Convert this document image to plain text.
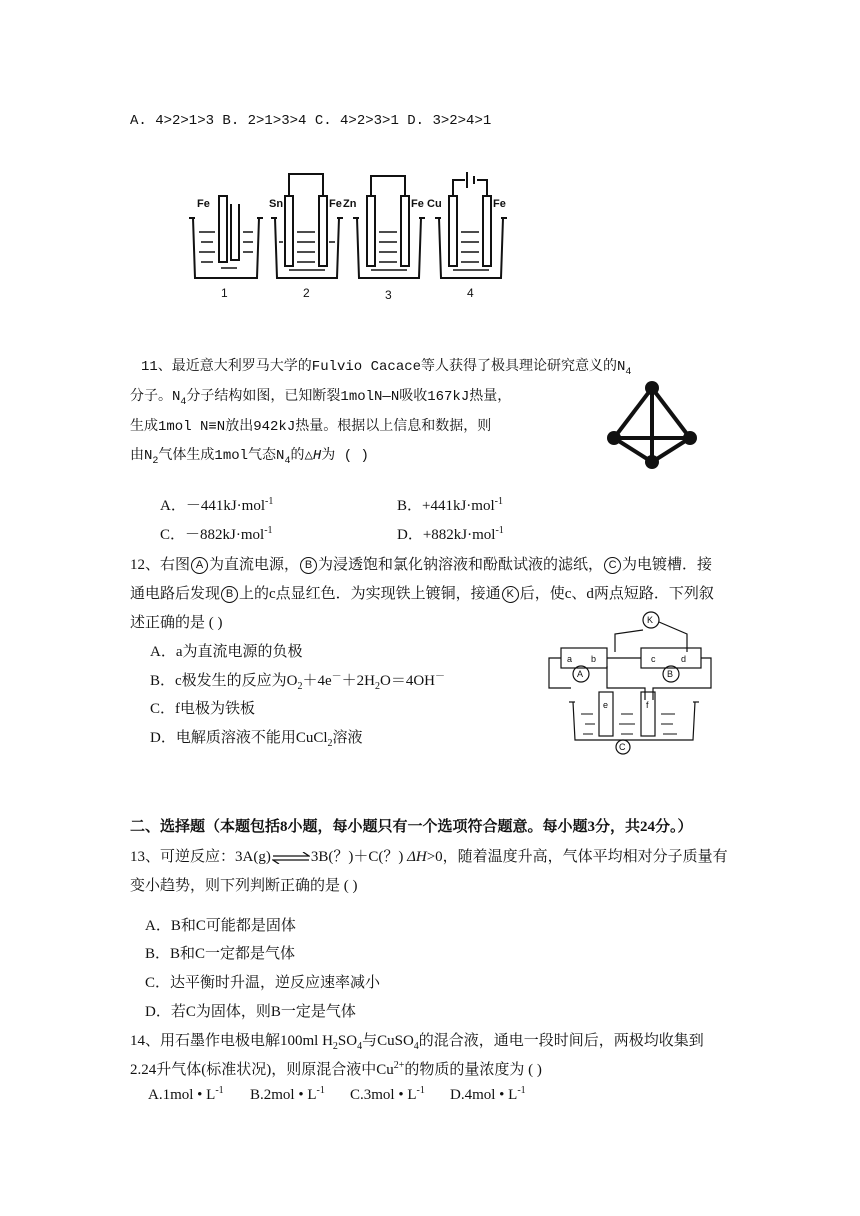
A. 4>2>1>3 B. 2>1>3>4 C. 4>2>3>1 D. 3>2>4>1
Fe	Sn	Fe Zn	Fe Cu	Fe
1	2	3	4
11、最近意大利罗马大学的Fulvio Cacace等人获得了极具理论研究意义的$N_4$
分子。$N_4$分子结构如图，已知断裂1molN—N吸收167kJ热量，
生成1mol N≡N放出942kJ热量。根据以上信息和数据，则
由$N_2$气体生成1mol气态$N_4$的△H为 ( )
A．－441kJ·mol$^{-1}$	B．+441kJ·mol$^{-1}$
C．－882kJ·mol$^{-1}$	D．+882kJ·mol$^{-1}$
12、右图 A 为直流电源， B 为浸透饱和氯化钠溶液和酚酞试液的滤纸， C 为电镀槽．接
通电路后发现 B 上的c点显红色．为实现铁上镀铜，接通 K 后，使c、d两点短路．下列叙
述正确的是 ( )
A．a为直流电源的负极
B．c极发生的反应为$O_2+4e^-+2H_2O=4OH^-$
C．f电极为铁板
D．电解质溶液不能用CuCl$_2$溶液
K
a b	c	d
A	B
e	f
C
二、选择题（本题包括8小题，每小题只有一个选项符合题意。每小题3分，共24分。）
13、可逆反应：3A(g)⇌3B(？)＋C(？) ΔH>0，随着温度升高，气体平均相对分子质量有
变小趋势，则下列判断正确的是 ( )
A．B和C可能都是固体
B．B和C一定都是气体
C．达平衡时升温，逆反应速率减小
D．若C为固体，则B一定是气体
14、用石墨作电极电解100ml $H_2SO_4$与CuSO$_4$的混合液，通电一段时间后，两极均收集到
2.24升气体(标准状况)，则原混合液中$Cu^{2+}$的物质的量浓度为 ( )
A.1mol • $L^{-1}$ B.2mol • $L^{-1}$ C.3mol • $L^{-1}$ D.4mol • $L^{-1}$
